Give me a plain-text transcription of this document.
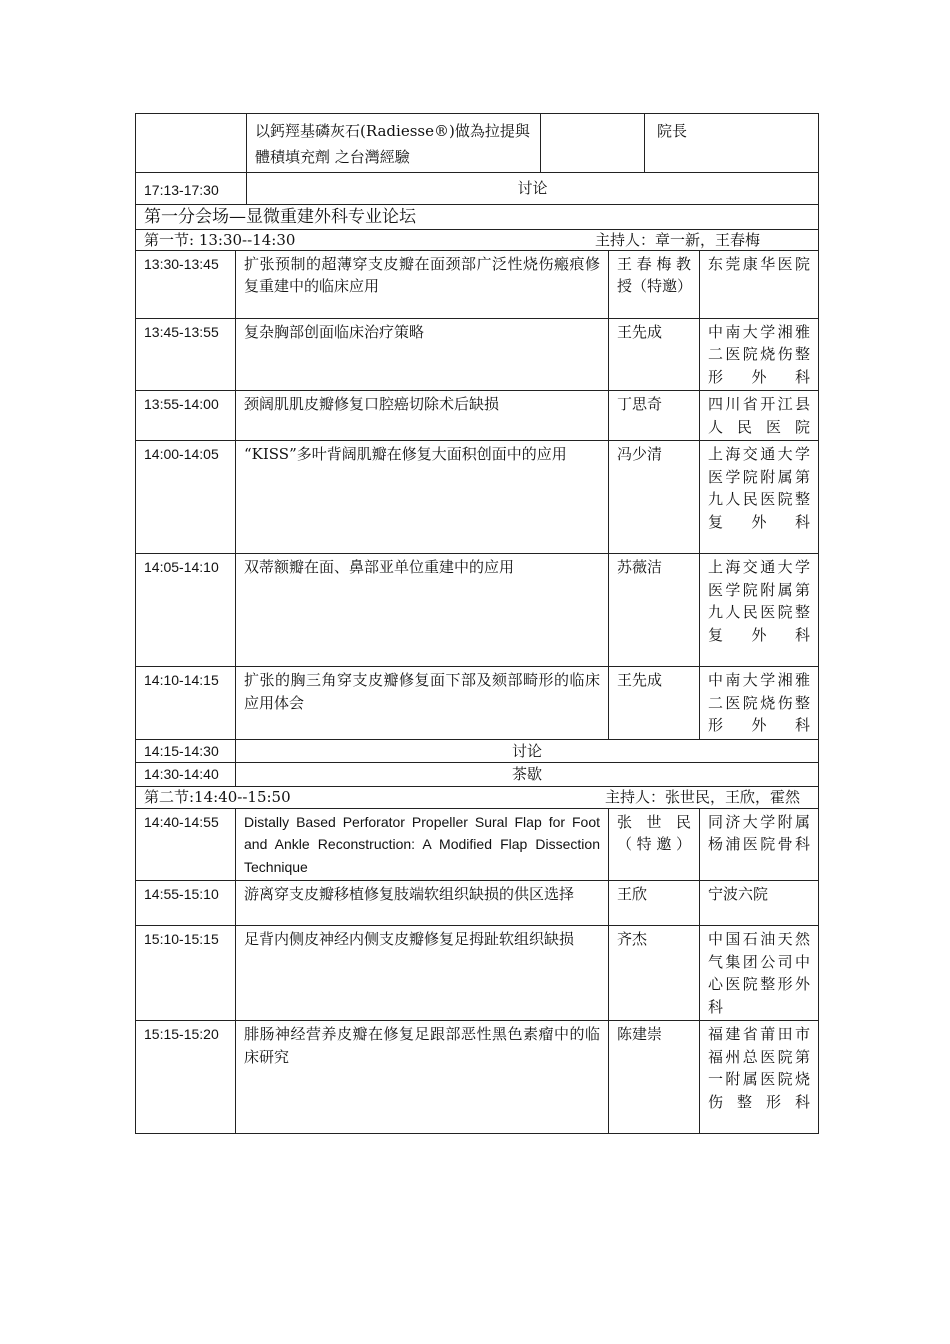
	以鈣羥基磷灰石(Radiesse®)做為拉提與體積填充劑 之台灣經驗		院長
17:13-17:30	讨论		
第一分会场—显微重建外科专业论坛			
第一节: 13:30--14:30 主持人：章一新，王春梅			

13:30-13:45	扩张预制的超薄穿支皮瓣在面颈部广泛性烧伤瘢痕修复重建中的临床应用	王春梅教授（特邀）	东莞康华医院
13:45-13:55	复杂胸部创面临床治疗策略	王先成	中南大学湘雅二医院烧伤整形外科
13:55-14:00	颈阔肌肌皮瓣修复口腔癌切除术后缺损	丁思奇	四川省开江县人民医院
14:00-14:05	“KISS”多叶背阔肌瓣在修复大面积创面中的应用	冯少清	上海交通大学医学院附属第九人民医院整复外科
14:05-14:10	双蒂额瓣在面、鼻部亚单位重建中的应用	苏薇洁	上海交通大学医学院附属第九人民医院整复外科
14:10-14:15	扩张的胸三角穿支皮瓣修复面下部及颏部畸形的临床应用体会	王先成	中南大学湘雅二医院烧伤整形外科
14:15-14:30	讨论		
14:30-14:40	茶歇		
第二节:14:40--15:50 主持人：张世民，王欣，霍然			

14:40-14:55	Distally Based Perforator Propeller Sural Flap for Foot and Ankle Reconstruction: A Modified Flap Dissection Technique	张世民（特邀）	同济大学附属杨浦医院骨科
14:55-15:10	游离穿支皮瓣移植修复肢端软组织缺损的供区选择	王欣	宁波六院
15:10-15:15	足背内侧皮神经内侧支皮瓣修复足拇趾软组织缺损	齐杰	中国石油天然气集团公司中心医院整形外科
15:15-15:20	腓肠神经营养皮瓣在修复足跟部恶性黑色素瘤中的临床研究	陈建崇	福建省莆田市福州总医院第一附属医院烧伤整形科
